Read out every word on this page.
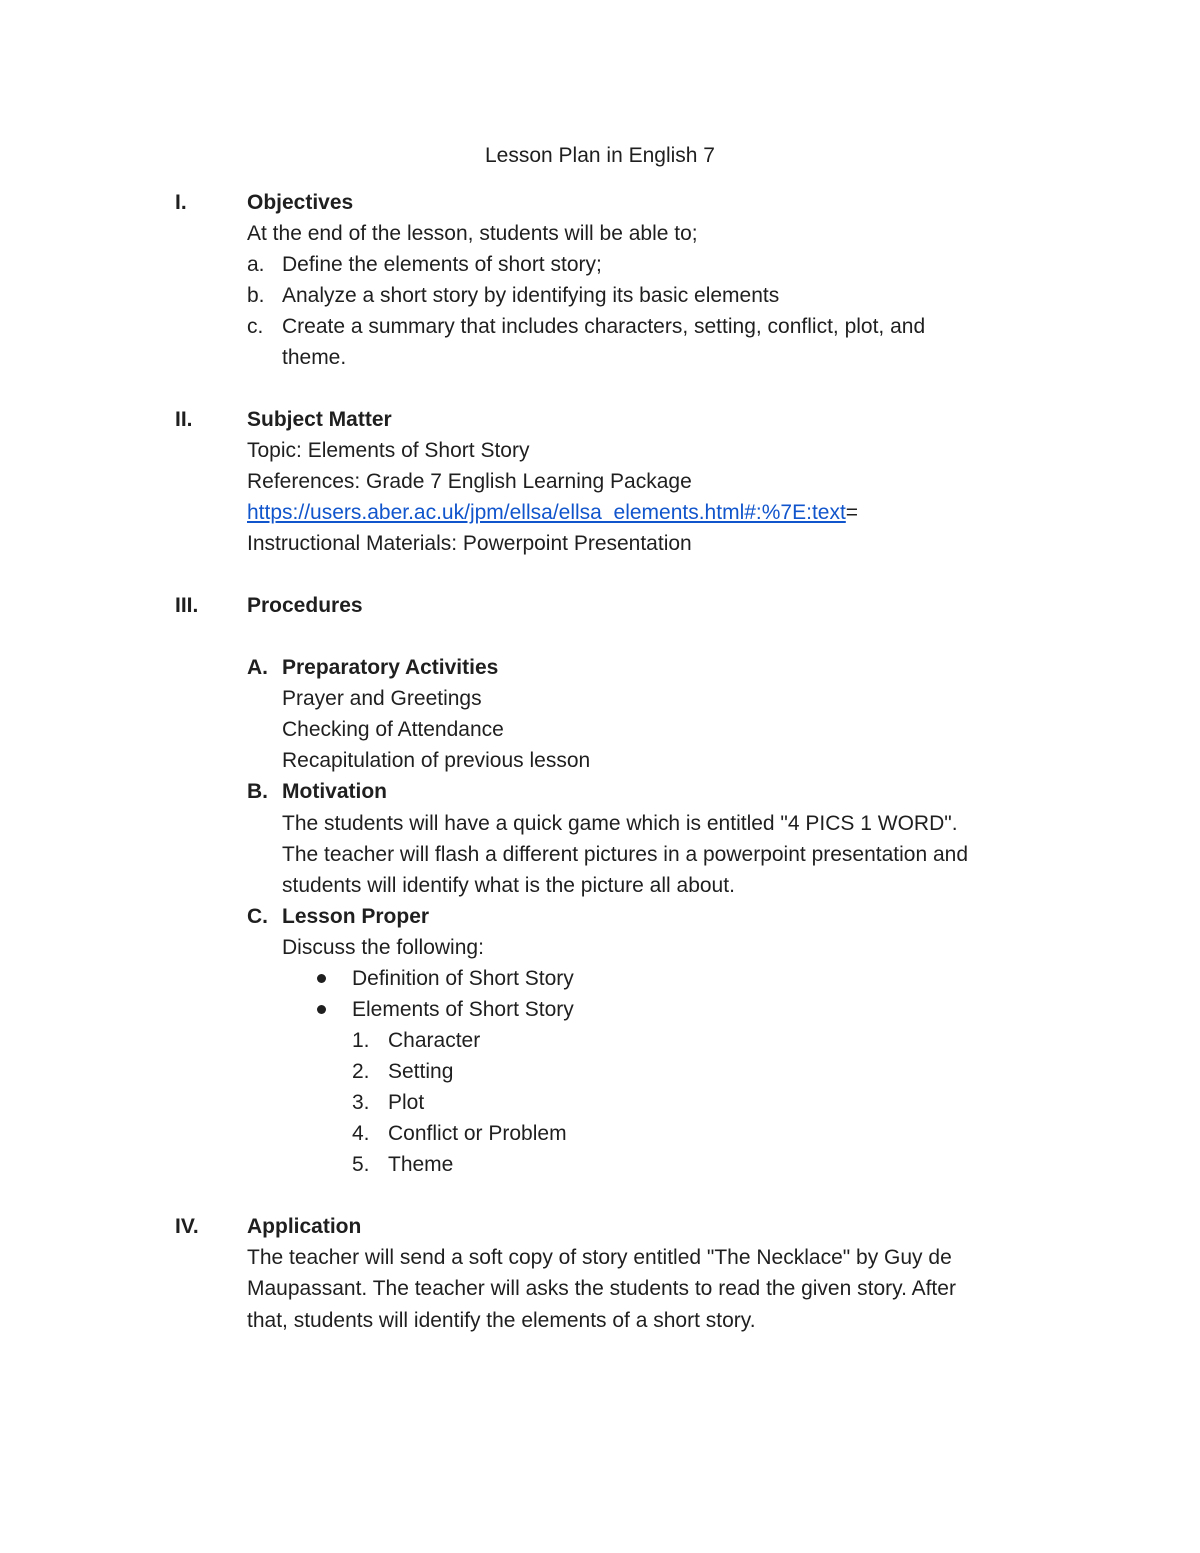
Lesson Plan in English 7
I.	Objectives
At the end of the lesson, students will be able to;
a. Define the elements of short story;
b. Analyze a short story by identifying its basic elements
c. Create a summary that includes characters, setting, conflict, plot, and
theme.
II.	Subject Matter
Topic: Elements of Short Story
References: Grade 7 English Learning Package
https://users.aber.ac.uk/jpm/ellsa/ellsa_elements.html#:%7E:text=
Instructional Materials: Powerpoint Presentation
III. Procedures
A. Preparatory Activities
Prayer and Greetings
Checking of Attendance
Recapitulation of previous lesson
B. Motivation
The students will have a quick game which is entitled "4 PICS 1 WORD".
The teacher will flash a different pictures in a powerpoint presentation and
students will identify what is the picture all about.
C. Lesson Proper
Discuss the following:
Definition of Short Story
Elements of Short Story
1. Character
2. Setting
3. Plot
4. Conflict or Problem
5. Theme
IV. Application
The teacher will send a soft copy of story entitled "The Necklace" by Guy de
Maupassant. The teacher will asks the students to read the given story. After
that, students will identify the elements of a short story.
